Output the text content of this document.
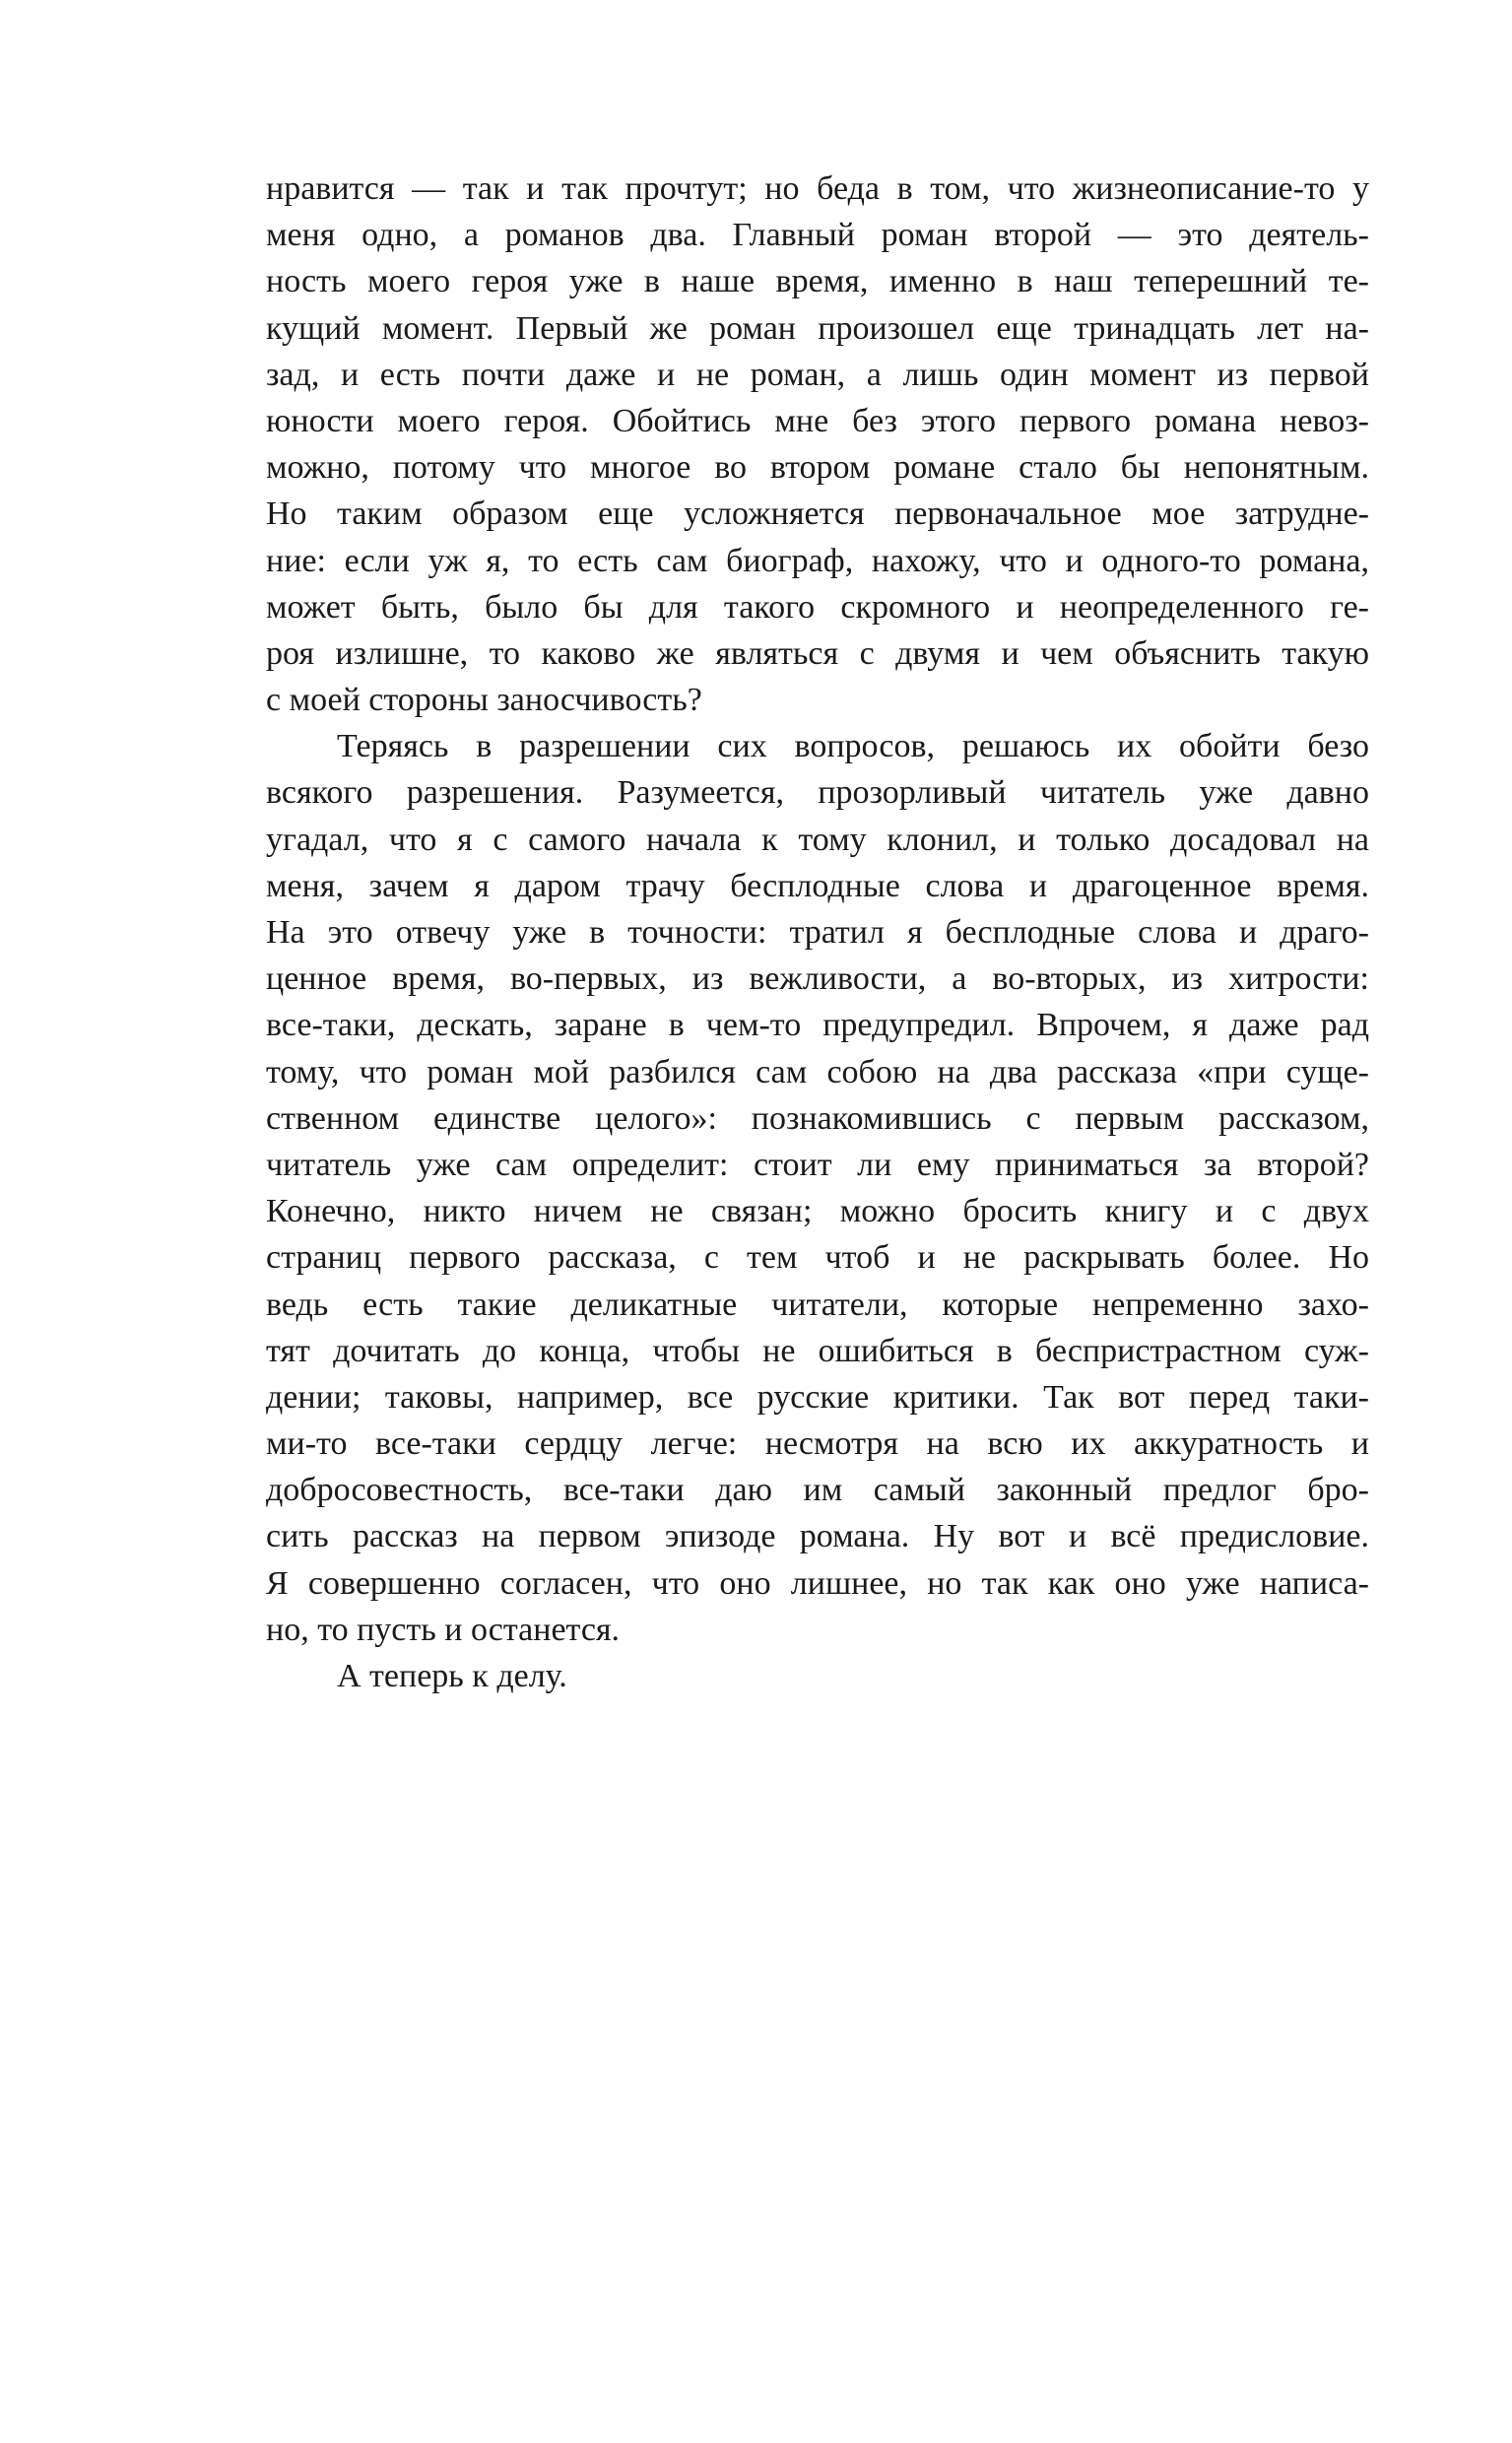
нравится — так и так прочтут; но беда в том, что жизнеописание-то у
меня одно, а романов два. Главный роман второй — это деятель-
ность моего героя уже в наше время, именно в наш теперешний те-
кущий момент. Первый же роман произошел еще тринадцать лет на-
зад, и есть почти даже и не роман, а лишь один момент из первой
юности моего героя. Обойтись мне без этого первого романа невоз-
можно, потому что многое во втором романе стало бы непонятным.
Но таким образом еще усложняется первоначальное мое затрудне-
ние: если уж я, то есть сам биограф, нахожу, что и одного-то романа,
может быть, было бы для такого скромного и неопределенного ге-
роя излишне, то каково же являться с двумя и чем объяснить такую
с моей стороны заносчивость?
Теряясь в разрешении сих вопросов, решаюсь их обойти безо
всякого разрешения. Разумеется, прозорливый читатель уже давно
угадал, что я с самого начала к тому клонил, и только досадовал на
меня, зачем я даром трачу бесплодные слова и драгоценное время.
На это отвечу уже в точности: тратил я бесплодные слова и драго-
ценное время, во-первых, из вежливости, а во-вторых, из хитрости:
все-таки, дескать, заране в чем-то предупредил. Впрочем, я даже рад
тому, что роман мой разбился сам собою на два рассказа «при суще-
ственном единстве целого»: познакомившись с первым рассказом,
читатель уже сам определит: стоит ли ему приниматься за второй?
Конечно, никто ничем не связан; можно бросить книгу и с двух
страниц первого рассказа, с тем чтоб и не раскрывать более. Но
ведь есть такие деликатные читатели, которые непременно захо-
тят дочитать до конца, чтобы не ошибиться в беспристрастном суж-
дении; таковы, например, все русские критики. Так вот перед таки-
ми-то все-таки сердцу легче: несмотря на всю их аккуратность и
добросовестность, все-таки даю им самый законный предлог бро-
сить рассказ на первом эпизоде романа. Ну вот и всё предисловие.
Я совершенно согласен, что оно лишнее, но так как оно уже написа-
но, то пусть и останется.
А теперь к делу.
